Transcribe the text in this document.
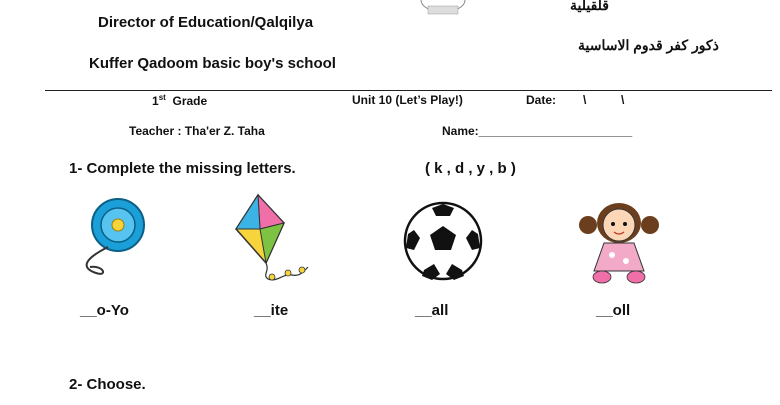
Director of Education/Qalqilya
Kuffer Qadoom basic boy's school
قلقيلية
ذكور كفر قدوم الاساسية
1st Grade	Unit 10 (Let’s Play!)	Date: \	\
Teacher : Tha'er Z. Taha	Name:_______________________
1- Complete the missing letters.	( k , d , y , b )
__o-Yo	__ite	__all	__oll
2- Choose.
